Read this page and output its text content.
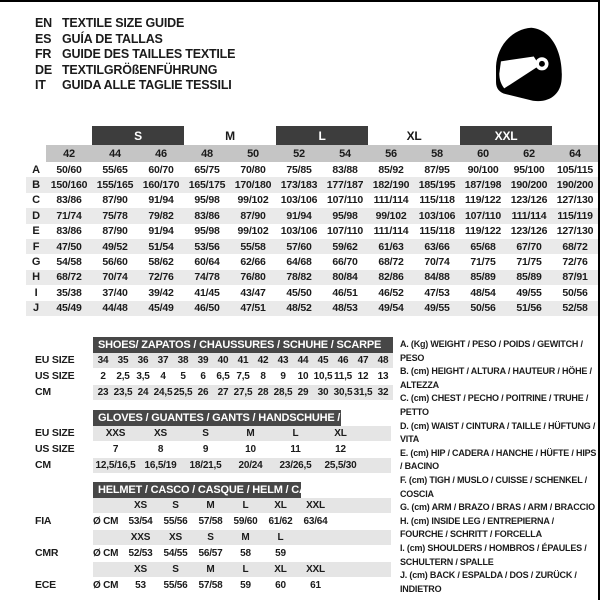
EN TEXTILE SIZE GUIDE
ES GUÍA DE TALLAS
FR GUIDE DES TAILLES TEXTILE
DE TEXTILGRÖßENFÜHRUNG
IT	GUIDA ALLE TAGLIE TESSILI
		S		M		L		XL		XXL		
	42	44	46	48	50	52	54	56	58	60	62	64
A	50/60	55/65	60/70	65/75	70/80	75/85	83/88	85/92	87/95	90/100	95/100	105/115
B	150/160	155/165	160/170	165/175	170/180	173/183	177/187	182/190	185/195	187/198	190/200	190/200
C	83/86	87/90	91/94	95/98	99/102	103/106	107/110	111/114	115/118	119/122	123/126	127/130
D	71/74	75/78	79/82	83/86	87/90	91/94	95/98	99/102	103/106	107/110	111/114	115/119
E	83/86	87/90	91/94	95/98	99/102	103/106	107/110	111/114	115/118	119/122	123/126	127/130
F	47/50	49/52	51/54	53/56	55/58	57/60	59/62	61/63	63/66	65/68	67/70	68/72
G	54/58	56/60	58/62	60/64	62/66	64/68	66/70	68/72	70/74	71/75	71/75	72/76
H	68/72	70/74	72/76	74/78	76/80	78/82	80/84	82/86	84/88	85/89	85/89	87/91
I	35/38	37/40	39/42	41/45	43/47	45/50	46/51	46/52	47/53	48/54	49/55	50/56
J	45/49	44/48	45/49	46/50	47/51	48/52	48/53	49/54	49/55	50/56	51/56	52/58
SHOES/ ZAPATOS / CHAUSSURES / SCHUHE / SCARPE
EU SIZE	34 35 36 37 38 39 40 41 42 43 44 45 46 47 48
US SIZE	2	2,5 3,5	4	5	6	6,5 7,5	8	9	10 10,5 11,5 12 13
CM	23 23,5 24 24,5 25,5 26 27 27,5 28 28,5 29 30 30,5 31,5 32
GLOVES / GUANTES / GANTS / HANDSCHUHE / GUANTI
EU SIZE	XXS	XS	S	M	L	XL
US SIZE	7	8	9	10	11	12
CM	12,5/16,5 16,5/19	18/21,5	20/24	23/26,5	25,5/30
HELMET / CASCO / CASQUE / HELM / CASCO
XS	S	M	L	XL	XXL
FIA	Ø CM	53/54	55/56	57/58	59/60	61/62	63/64
XXS	XS	S	M	L
CMR	Ø CM	52/53	54/55	56/57	58	59
XS	S	M	L	XL	XXL
ECE	Ø CM	53	55/56	57/58	59	60	61
A. (Kg) WEIGHT / PESO / POIDS / GEWITCH / PESO
B. (cm) HEIGHT / ALTURA / HAUTEUR / HÖHE / ALTEZZA
C. (cm) CHEST / PECHO / POITRINE / TRUHE / PETTO
D. (cm) WAIST / CINTURA / TAILLE / HÜFTUNG / VITA
E. (cm) HIP / CADERA / HANCHE / HÜFTE / HIPS / BACINO
F. (cm) TIGH / MUSLO / CUISSE / SCHENKEL / COSCIA
G. (cm) ARM / BRAZO / BRAS / ARM / BRACCIO
H. (cm) INSIDE LEG / ENTREPIERNA / FOURCHE / SCHRITT / FORCELLA
I. (cm) SHOULDERS / HOMBROS / ÉPAULES / SCHULTERN / SPALLE
J. (cm) BACK / ESPALDA / DOS / ZURÜCK / INDIETRO
